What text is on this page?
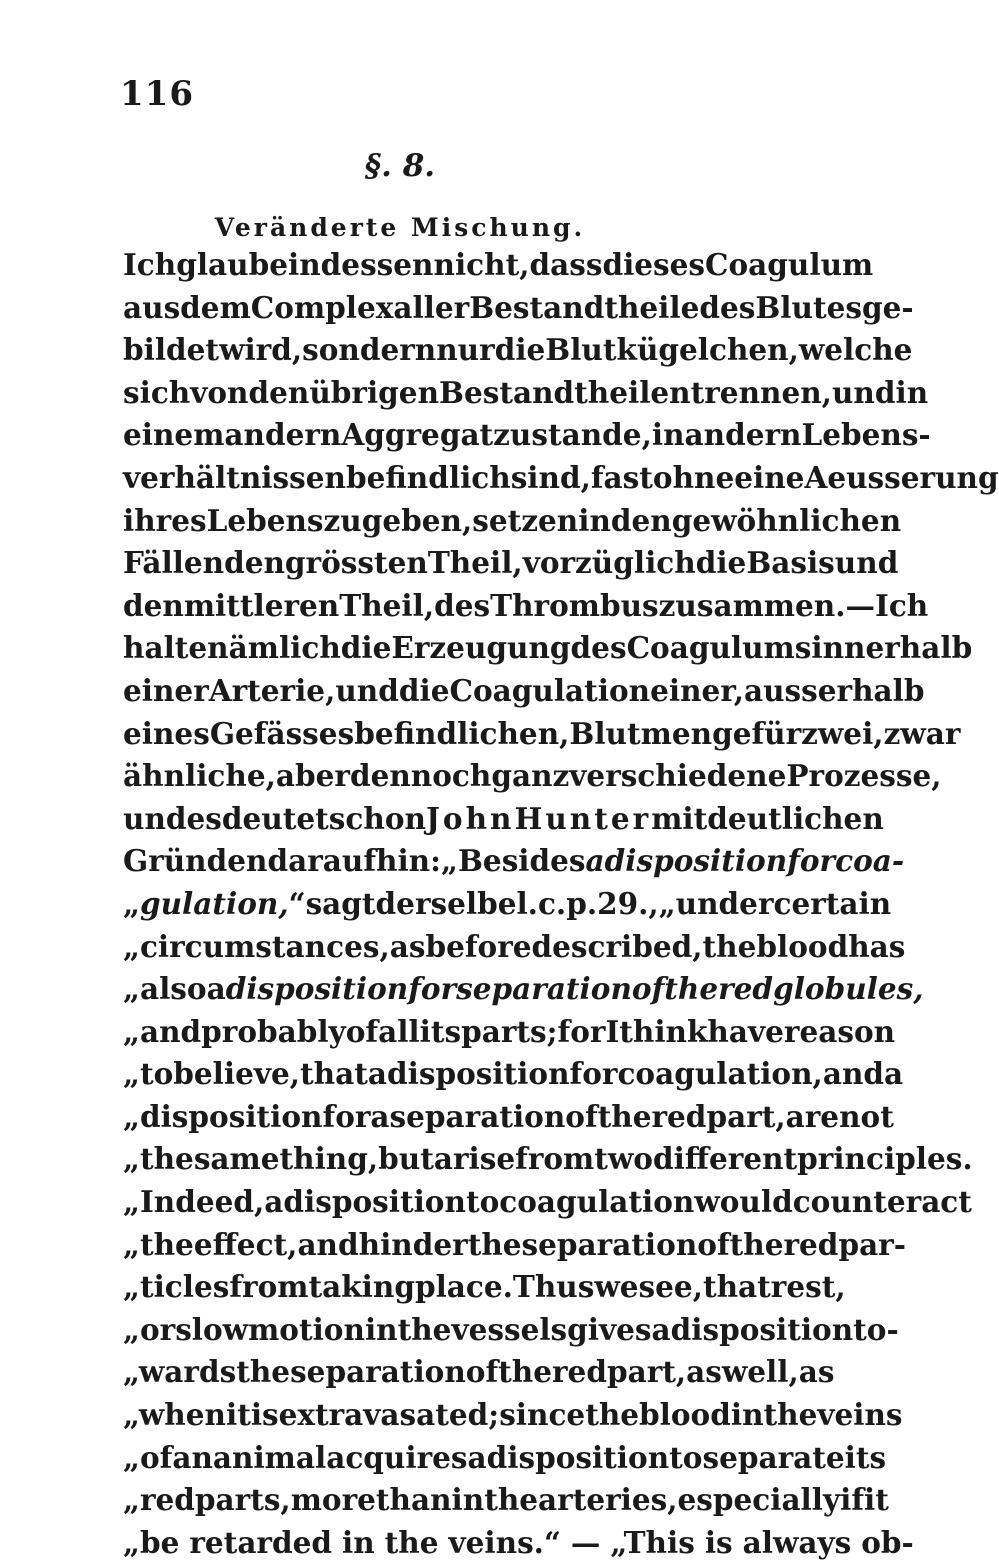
116
§. 8.
Veränderte Mischung.
Ich glaube indessen nicht, dass dieses Coagulum
aus dem Complex aller Bestandtheile des Blutes ge-
bildet wird, sondern nur die Blutkügelchen, welche
sich von den übrigen Bestandtheilen trennen, und in
einem andern Aggregatzustande, in andern Lebens-
verhältnissen befindlich sind, fast ohne eine Aeusserung
ihres Lebens zu geben, setzen in den gewöhnlichen
Fällen den grössten Theil, vorzüglich die Basis und
den mittleren Theil, des Thrombus zusammen. — Ich
halte nämlich die Erzeugung des Coagulums innerhalb
einer Arterie, und die Coagulation einer, ausserhalb
eines Gefässes befindlichen, Blutmenge für zwei, zwar
ähnliche, aber dennoch ganz verschiedene Prozesse,
und es deutet schon John Hunter mit deutlichen
Gründen darauf hin: „Besides a disposition for coa-
„gulation,“ sagt derselbe l. c. p. 29., „under certain
„circumstances, as before described, the blood has
„also a disposition for separation of the red globules,
„and probably of all its parts; for I think have reason
„to believe, that a disposition for coagulation, and a
„disposition for a separation of the red part, are not
„the same thing, but arise from two different principles.
„Indeed, a disposition to coagulation would counteract
„the effect, and hinder the separation of the red par-
„ticles from taking place. Thus we see, that rest,
„or slow motion in the vessels gives a disposition to-
„wards the separation of the red part, as well, as
„when it is extravasated; since the blood in the veins
„of an animal acquires a disposition to separate its
„red parts, more than in the arteries, especially if it
„be retarded in the veins.“ — „This is always ob-
